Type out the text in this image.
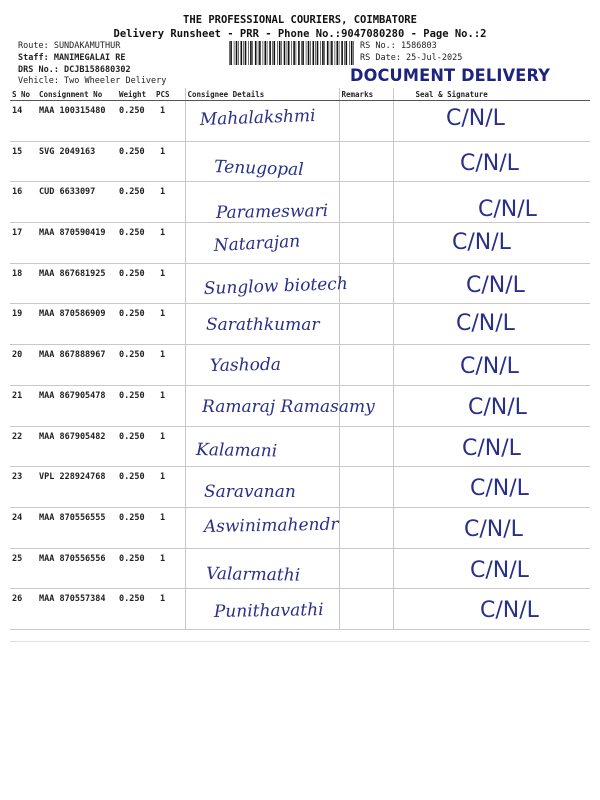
THE PROFESSIONAL COURIERS, COIMBATORE
Delivery Runsheet - PRR - Phone No.:9047080280 - Page No.:2
Route: SUNDAKAMUTHUR
Staff: MANIMEGALAI RE
DRS No.: DCJB158680302
Vehicle: Two Wheeler Delivery
RS No.: 1586803
RS Date: 25-Jul-2025
DOCUMENT DELIVERY
S No	Consignment No	Weight	PCS	Consignee Details	Remarks	Seal & Signature

14	MAA 100315480	0.250	1	Mahalakshmi		C/N/L

15	SVG 2049163	0.250	1	Tenugopal		C/N/L

16	CUD 6633097	0.250	1	Parameswari		C/N/L

17	MAA 870590419	0.250	1	Natarajan		C/N/L

18	MAA 867681925	0.250	1	Sunglow biotech		C/N/L

19	MAA 870586909	0.250	1	Sarathkumar		C/N/L

20	MAA 867888967	0.250	1	Yashoda		C/N/L

21	MAA 867905478	0.250	1	Ramaraj Ramasamy		C/N/L

22	MAA 867905482	0.250	1	Kalamani		C/N/L

23	VPL 228924768	0.250	1	Saravanan		C/N/L

24	MAA 870556555	0.250	1	Aswinimahendr		C/N/L

25	MAA 870556556	0.250	1	Valarmathi		C/N/L

26	MAA 870557384	0.250	1	Punithavathi		C/N/L
